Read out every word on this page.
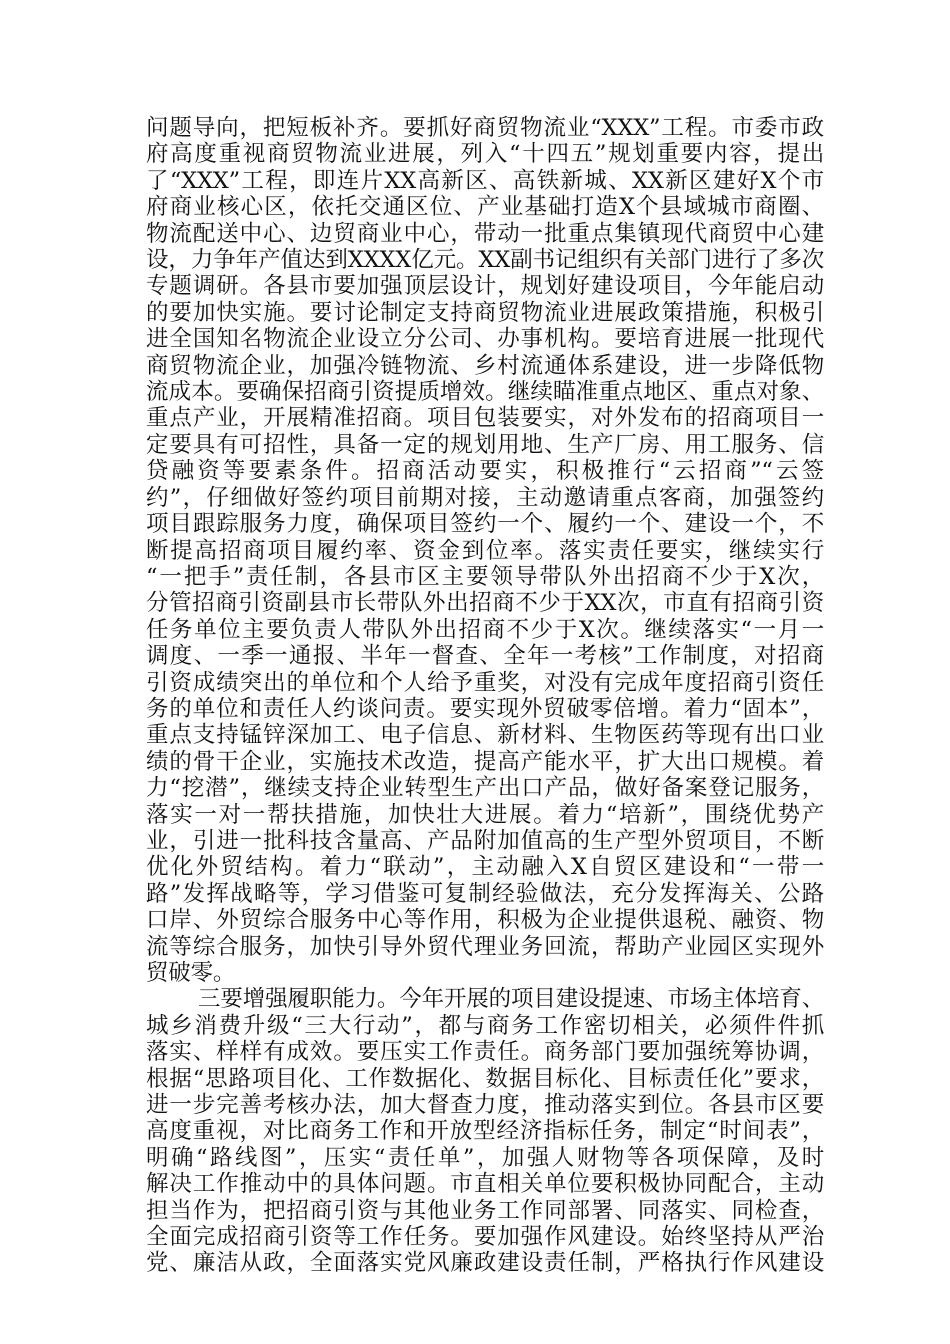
问题导向，把短板补齐。要抓好商贸物流业“XXX”工程。市委市政
府高度重视商贸物流业进展，列入“十四五”规划重要内容，提出
了“XXX”工程，即连片XX高新区、高铁新城、XX新区建好X个市
府商业核心区，依托交通区位、产业基础打造X个县域城市商圈、
物流配送中心、边贸商业中心，带动一批重点集镇现代商贸中心建
设，力争年产值达到XXXX亿元。XX副书记组织有关部门进行了多次
专题调研。各县市要加强顶层设计，规划好建设项目，今年能启动
的要加快实施。要讨论制定支持商贸物流业进展政策措施，积极引
进全国知名物流企业设立分公司、办事机构。要培育进展一批现代
商贸物流企业，加强冷链物流、乡村流通体系建设，进一步降低物
流成本。要确保招商引资提质增效。继续瞄准重点地区、重点对象、
重点产业，开展精准招商。项目包装要实，对外发布的招商项目一
定要具有可招性，具备一定的规划用地、生产厂房、用工服务、信
贷融资等要素条件。招商活动要实，积极推行“云招商”“云签
约”，仔细做好签约项目前期对接，主动邀请重点客商，加强签约
项目跟踪服务力度，确保项目签约一个、履约一个、建设一个，不
断提高招商项目履约率、资金到位率。落实责任要实，继续实行
“一把手”责任制，各县市区主要领导带队外出招商不少于X次，
分管招商引资副县市长带队外出招商不少于XX次，市直有招商引资
任务单位主要负责人带队外出招商不少于X次。继续落实“一月一
调度、一季一通报、半年一督查、全年一考核”工作制度，对招商
引资成绩突出的单位和个人给予重奖，对没有完成年度招商引资任
务的单位和责任人约谈问责。要实现外贸破零倍增。着力“固本”，
重点支持锰锌深加工、电子信息、新材料、生物医药等现有出口业
绩的骨干企业，实施技术改造，提高产能水平，扩大出口规模。着
力“挖潜”，继续支持企业转型生产出口产品，做好备案登记服务，
落实一对一帮扶措施，加快壮大进展。着力“培新”，围绕优势产
业，引进一批科技含量高、产品附加值高的生产型外贸项目，不断
优化外贸结构。着力“联动”，主动融入X自贸区建设和“一带一
路”发挥战略等，学习借鉴可复制经验做法，充分发挥海关、公路
口岸、外贸综合服务中心等作用，积极为企业提供退税、融资、物
流等综合服务，加快引导外贸代理业务回流，帮助产业园区实现外
贸破零。
三要增强履职能力。今年开展的项目建设提速、市场主体培育、
城乡消费升级“三大行动”，都与商务工作密切相关，必须件件抓
落实、样样有成效。要压实工作责任。商务部门要加强统筹协调，
根据“思路项目化、工作数据化、数据目标化、目标责任化”要求，
进一步完善考核办法，加大督查力度，推动落实到位。各县市区要
高度重视，对比商务工作和开放型经济指标任务，制定“时间表”，
明确“路线图”，压实“责任单”，加强人财物等各项保障，及时
解决工作推动中的具体问题。市直相关单位要积极协同配合，主动
担当作为，把招商引资与其他业务工作同部署、同落实、同检查，
全面完成招商引资等工作任务。要加强作风建设。始终坚持从严治
党、廉洁从政，全面落实党风廉政建设责任制，严格执行作风建设
